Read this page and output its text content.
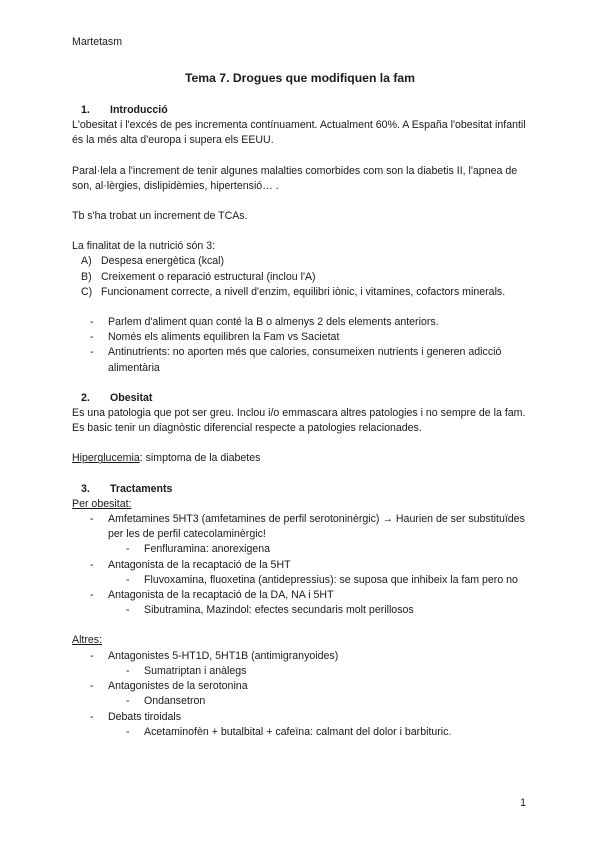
Martetasm
Tema 7. Drogues que modifiquen la fam
1.	Introducció

L'obesitat i l'excés de pes incrementa contínuament. Actualment 60%. A España l'obesitat infantil és la més alta d'europa i supera els EEUU.

Paral·lela a l'increment de tenir algunes malalties comorbides com son la diabetis II, l'apnea de son, al·lèrgies, dislipidèmies, hipertensió… .

Tb s'ha trobat un increment de TCAs.

La finalitat de la nutrició són 3:

A) Despesa energètica (kcal)
B) Creixement o reparació estructural (inclou l'A)
C) Funcionament correcte, a nivell d'enzim, equilibri iònic, i vitamines, cofactors minerals.
-	Parlem d'aliment quan conté la B o almenys 2 dels elements anteriors.
-	Només els aliments equilibren la Fam vs Sacietat
-	Antinutrients: no aporten més que calories, consumeixen nutrients i generen adicció alimentària
2.	Obesitat

Es una patologia que pot ser greu. Inclou i/o emmascara altres patologies i no sempre de la fam. Es basic tenir un diagnòstic diferencial respecte a patologies relacionades.

Hiperglucemia: simptoma de la diabetes

3.	Tractaments

Per obesitat:

-	Amfetamines 5HT3 (amfetamines de perfil serotoninèrgic) → Haurien de ser substituïdes per les de perfil catecolaminèrgic!
-	Fenfluramina: anorexigena
-	Antagonista de la recaptació de la 5HT
-	Fluvoxamina, fluoxetina (antidepressius): se suposa que inhibeix la fam pero no
-	Antagonista de la recaptació de la DA, NA i 5HT
-	Sibutramina, Mazindol: efectes secundaris molt perillosos

Altres:

-	Antagonistes 5-HT1D, 5HT1B (antimigranyoides)
-	Sumatriptan i anàlegs
-	Antagonistes de la serotonina
-	Ondansetron
-	Debats tiroidals
-	Acetaminofèn + butalbital + cafeïna: calmant del dolor i barbituric.
1
